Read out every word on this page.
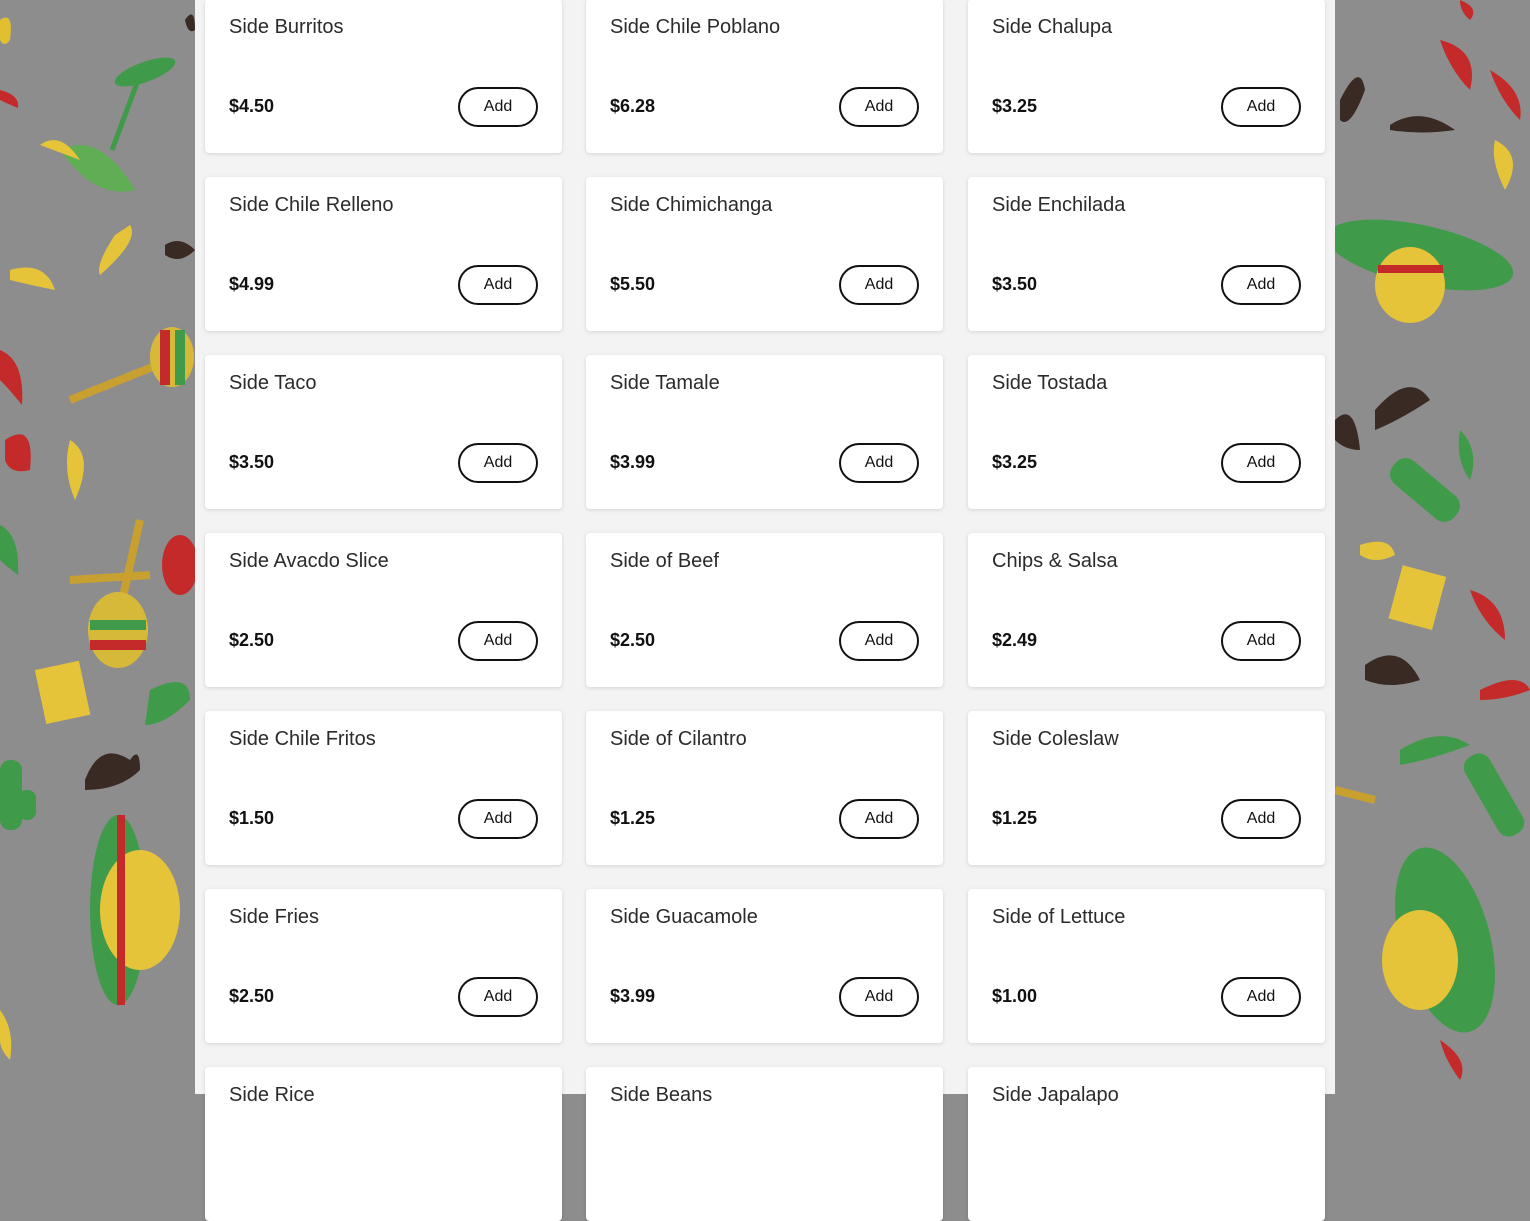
Side Burritos
$4.50	Add
Side Chile Poblano
$6.28	Add
Side Chalupa
$3.25	Add
Side Chile Relleno
$4.99	Add
Side Chimichanga
$5.50	Add
Side Enchilada
$3.50	Add
Side Taco
$3.50	Add
Side Tamale
$3.99	Add
Side Tostada
$3.25	Add
Side Avacdo Slice
$2.50	Add
Side of Beef
$2.50	Add
Chips & Salsa
$2.49	Add
Side Chile Fritos
$1.50	Add
Side of Cilantro
$1.25	Add
Side Coleslaw
$1.25	Add
Side Fries
$2.50	Add
Side Guacamole
$3.99	Add
Side of Lettuce
$1.00	Add
Side Rice	Side Beans	Side Japalapo
